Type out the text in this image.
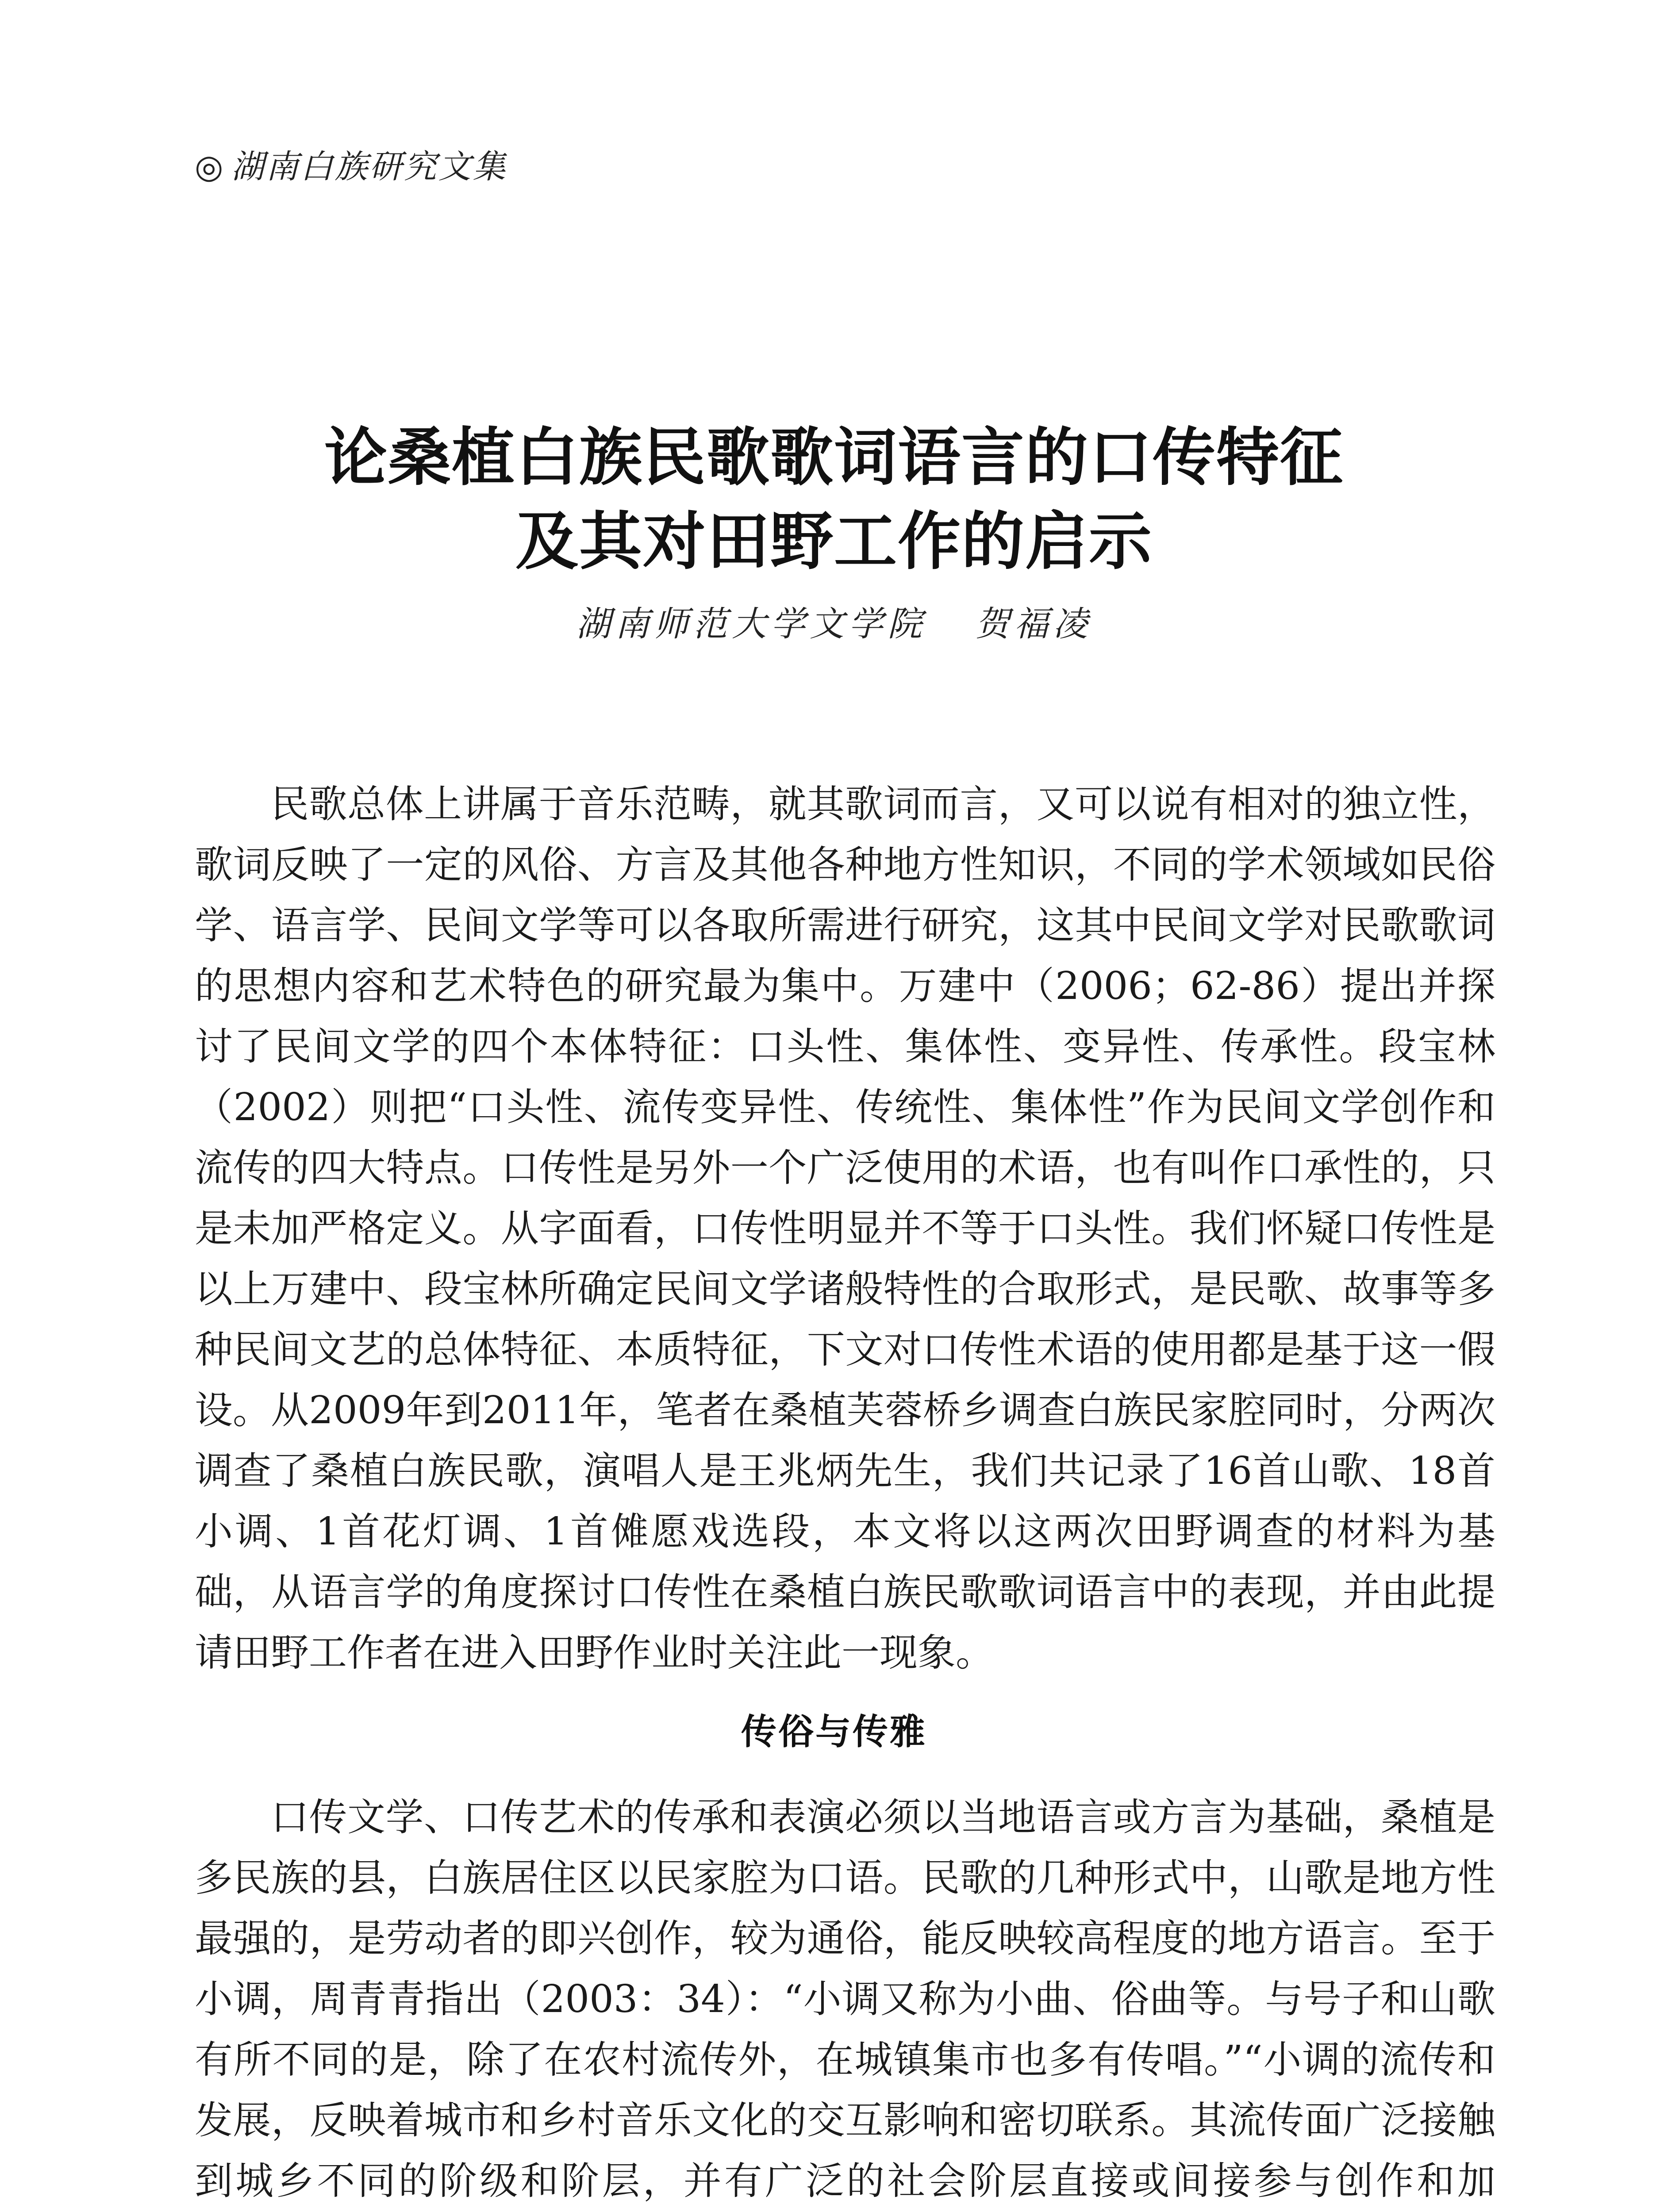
◎ 湖南白族研究文集
论桑植白族民歌歌词语言的口传特征
及其对田野工作的启示
湖南师范大学文学院 贺福凌

民歌总体上讲属于音乐范畴，就其歌词而言，又可以说有相对的独立性，歌词反映了一定的风俗、方言及其他各种地方性知识，不同的学术领域如民俗学、语言学、民间文学等可以各取所需进行研究，这其中民间文学对民歌歌词的思想内容和艺术特色的研究最为集中。万建中（2006；62-86）提出并探讨了民间文学的四个本体特征：口头性、集体性、变异性、传承性。段宝林（2002）则把“口头性、流传变异性、传统性、集体性”作为民间文学创作和流传的四大特点。口传性是另外一个广泛使用的术语，也有叫作口承性的，只是未加严格定义。从字面看，口传性明显并不等于口头性。我们怀疑口传性是以上万建中、段宝林所确定民间文学诸般特性的合取形式，是民歌、故事等多种民间文艺的总体特征、本质特征，下文对口传性术语的使用都是基于这一假设。 从2009年到2011年，笔者在桑植芙蓉桥乡调查白族民家腔同时，分两次调查了桑植白族民歌，演唱人是王兆炳先生，我们共记录了16首山歌、18首小调、1首花灯调、1首傩愿戏选段，本文将以这两次田野调查的材料为基础，从语言学的角度探讨口传性在桑植白族民歌歌词语言中的表现，并由此提请田野工作者在进入田野作业时关注此一现象。

传俗与传雅

口传文学、口传艺术的传承和表演必须以当地语言或方言为基础，桑植是多民族的县，白族居住区以民家腔为口语。民歌的几种形式中，山歌是地方性最强的，是劳动者的即兴创作，较为通俗，能反映较高程度的地方语言。至于小调，周青青指出（2003：34）：“小调又称为小曲、俗曲等。与号子和山歌有所不同的是，除了在农村流传外，在城镇集市也多有传唱。”“小调的流传和发展，反映着城市和乡村音乐文化的交互影响和密切联系。其流传面广泛接触到城乡不同的阶级和阶层，并有广泛的社会阶层直接或间接参与创作和加
